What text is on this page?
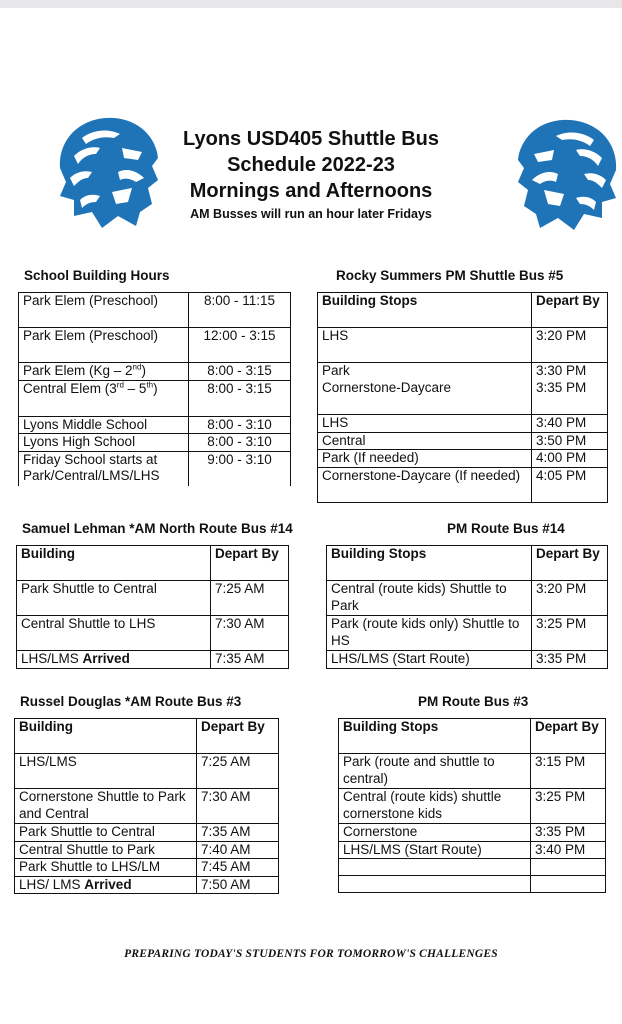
Lyons USD405 Shuttle Bus
Schedule 2022-23
Mornings and Afternoons
AM Busses will run an hour later Fridays
School Building Hours
Park Elem (Preschool)	8:00 - 11:15
Park Elem (Preschool)	12:00 - 3:15
Park Elem (Kg – 2nd)	8:00 - 3:15
Central Elem (3rd – 5th)	8:00 - 3:15
Lyons Middle School	8:00 - 3:10
Lyons High School	8:00 - 3:10
Friday School starts at Park/Central/LMS/LHS	9:00 - 3:10
Rocky Summers PM Shuttle Bus #5
Building Stops	Depart By
LHS	3:20 PM
Park	3:30 PM
Cornerstone-Daycare	3:35 PM
LHS	3:40 PM
Central	3:50 PM
Park (If needed)	4:00 PM
Cornerstone-Daycare (If needed)	4:05 PM
Samuel Lehman *AM North Route Bus #14
Building	Depart By
Park Shuttle to Central	7:25 AM
Central Shuttle to LHS	7:30 AM
LHS/LMS Arrived	7:35 AM
PM Route Bus #14
Building Stops	Depart By
Central (route kids) Shuttle to Park	3:20 PM
Park (route kids only) Shuttle to HS	3:25 PM
LHS/LMS (Start Route)	3:35 PM
Russel Douglas *AM Route Bus #3
Building	Depart By
LHS/LMS	7:25 AM
Cornerstone Shuttle to Park and Central	7:30 AM
Park Shuttle to Central	7:35 AM
Central Shuttle to Park	7:40 AM
Park Shuttle to LHS/LM	7:45 AM
LHS/ LMS Arrived	7:50 AM
PM Route Bus #3
Building Stops	Depart By
Park (route and shuttle to central)	3:15 PM
Central (route kids) shuttle cornerstone kids	3:25 PM
Cornerstone	3:35 PM
LHS/LMS (Start Route)	3:40 PM

PREPARING TODAY'S STUDENTS FOR TOMORROW'S CHALLENGES
